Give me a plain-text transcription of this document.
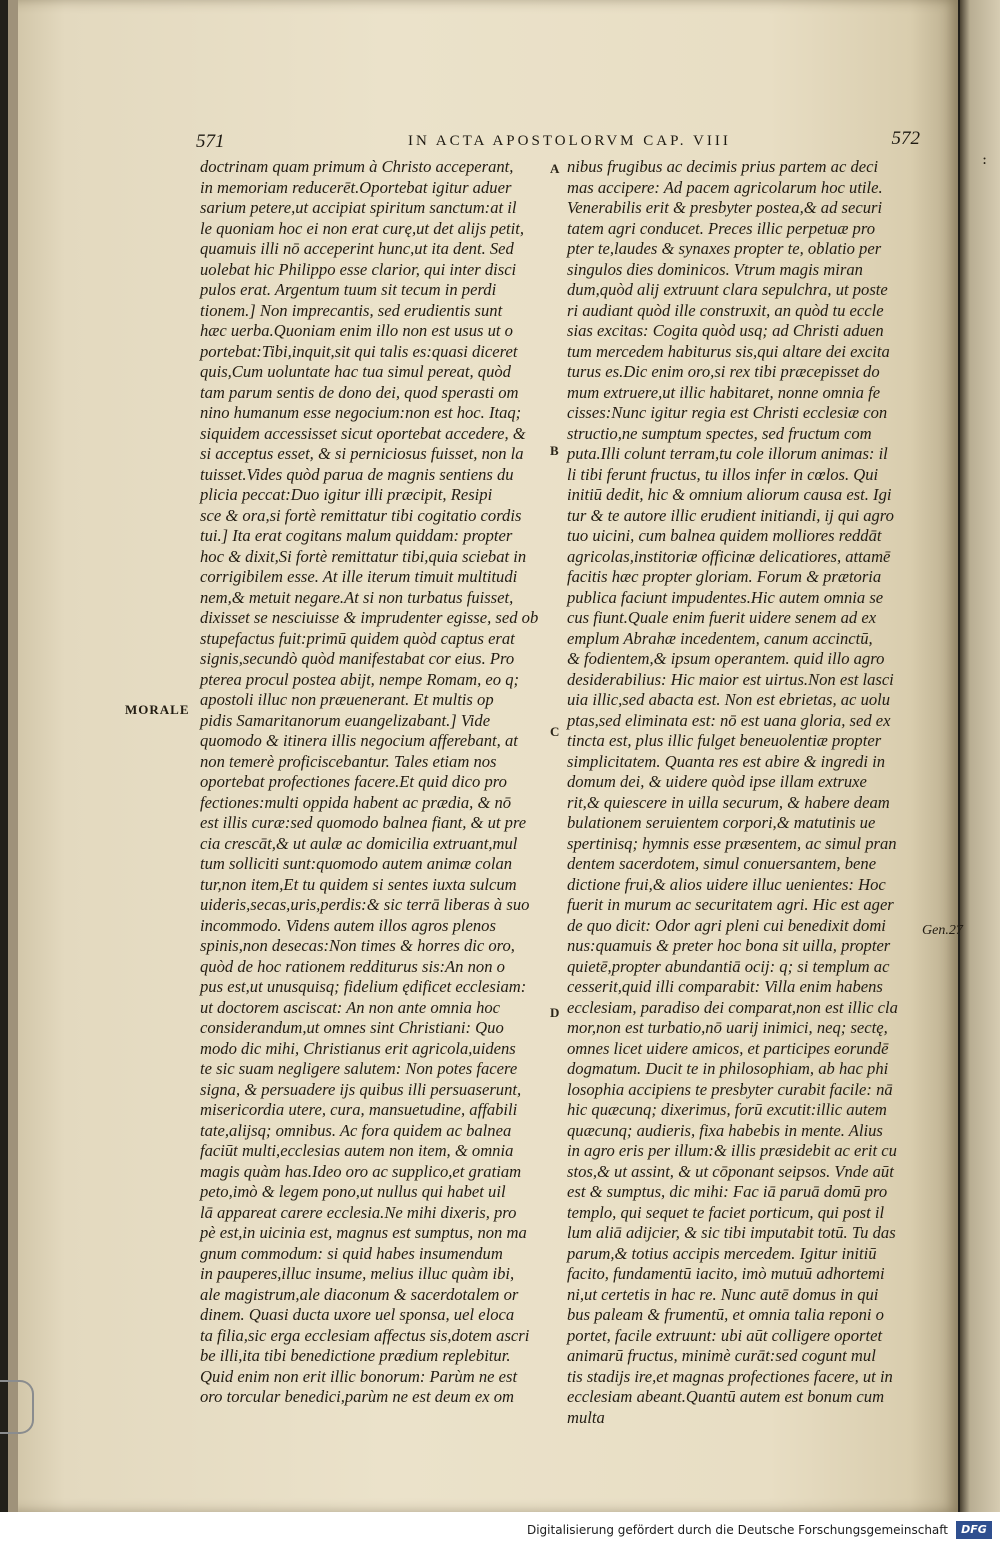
:
571	IN ACTA APOSTOLORVM CAP. VIII	572
doctrinam quam primum à Christo acceperant,
in memoriam reducerēt.Oportebat igitur aduer
sarium petere,ut accipiat spiritum sanctum:at il
le quoniam hoc ei non erat curę,ut det alijs petit,
quamuis illi nō acceperint hunc,ut ita dent. Sed
uolebat hic Philippo esse clarior, qui inter disci
pulos erat. Argentum tuum sit tecum in perdi
tionem.] Non imprecantis, sed erudientis sunt
hæc uerba.Quoniam enim illo non est usus ut o
portebat:Tibi,inquit,sit qui talis es:quasi diceret
quis,Cum uoluntate hac tua simul pereat, quòd
tam parum sentis de dono dei, quod sperasti om
nino humanum esse negocium:non est hoc. Itaq;
siquidem accessisset sicut oportebat accedere, &
si acceptus esset, & si perniciosus fuisset, non la
tuisset.Vides quòd parua de magnis sentiens du
plicia peccat:Duo igitur illi præcipit, Resipi
sce & ora,si fortè remittatur tibi cogitatio cordis
tui.] Ita erat cogitans malum quiddam: propter
hoc & dixit,Si fortè remittatur tibi,quia sciebat in
corrigibilem esse. At ille iterum timuit multitudi
nem,& metuit negare.At si non turbatus fuisset,
dixisset se nesciuisse & imprudenter egisse, sed ob
stupefactus fuit:primū quidem quòd captus erat
signis,secundò quòd manifestabat cor eius. Pro
pterea procul postea abijt, nempe Romam, eo q;
apostoli illuc non præuenerant. Et multis op
pidis Samaritanorum euangelizabant.] Vide
quomodo & itinera illis negocium afferebant, at
non temerè proficiscebantur. Tales etiam nos
oportebat profectiones facere.Et quid dico pro
fectiones:multi oppida habent ac prædia, & nō
est illis curæ:sed quomodo balnea fiant, & ut pre
cia crescāt,& ut aulæ ac domicilia extruant,mul
tum solliciti sunt:quomodo autem animæ colan
tur,non item,Et tu quidem si sentes iuxta sulcum
uideris,secas,uris,perdis:& sic terrā liberas à suo
incommodo. Videns autem illos agros plenos
spinis,non desecas:Non times & horres dic oro,
quòd de hoc rationem redditurus sis:An non o
pus est,ut unusquisq; fidelium ędificet ecclesiam:
ut doctorem asciscat: An non ante omnia hoc
considerandum,ut omnes sint Christiani: Quo
modo dic mihi, Christianus erit agricola,uidens
te sic suam negligere salutem: Non potes facere
signa, & persuadere ijs quibus illi persuaserunt,
misericordia utere, cura, mansuetudine, affabili
tate,alijsq; omnibus. Ac fora quidem ac balnea
faciūt multi,ecclesias autem non item, & omnia
magis quàm has.Ideo oro ac supplico,et gratiam
peto,imò & legem pono,ut nullus qui habet uil
lā appareat carere ecclesia.Ne mihi dixeris, pro
pè est,in uicinia est, magnus est sumptus, non ma
gnum commodum: si quid habes insumendum
in pauperes,illuc insume, melius illuc quàm ibi,
ale magistrum,ale diaconum & sacerdotalem or
dinem. Quasi ducta uxore uel sponsa, uel eloca
ta filia,sic erga ecclesiam affectus sis,dotem ascri
be illi,ita tibi benedictione prædium replebitur.
Quid enim non erit illic bonorum: Parùm ne est
oro torcular benedici,parùm ne est deum ex om
nibus frugibus ac decimis prius partem ac deci
mas accipere: Ad pacem agricolarum hoc utile.
Venerabilis erit & presbyter postea,& ad securi
tatem agri conducet. Preces illic perpetuæ pro
pter te,laudes & synaxes propter te, oblatio per
singulos dies dominicos. Vtrum magis miran
dum,quòd alij extruunt clara sepulchra, ut poste
ri audiant quòd ille construxit, an quòd tu eccle
sias excitas: Cogita quòd usq; ad Christi aduen
tum mercedem habiturus sis,qui altare dei excita
turus es.Dic enim oro,si rex tibi præcepisset do
mum extruere,ut illic habitaret, nonne omnia fe
cisses:Nunc igitur regia est Christi ecclesiæ con
structio,ne sumptum spectes, sed fructum com
puta.Illi colunt terram,tu cole illorum animas: il
li tibi ferunt fructus, tu illos infer in cœlos. Qui
initiū dedit, hic & omnium aliorum causa est. Igi
tur & te autore illic erudient initiandi, ij qui agro
tuo uicini, cum balnea quidem molliores reddāt
agricolas,institoriæ officinæ delicatiores, attamē
facitis hæc propter gloriam. Forum & prætoria
publica faciunt impudentes.Hic autem omnia se
cus fiunt.Quale enim fuerit uidere senem ad ex
emplum Abrahæ incedentem, canum accinctū,
& fodientem,& ipsum operantem. quid illo agro
desiderabilius: Hic maior est uirtus.Non est lasci
uia illic,sed abacta est. Non est ebrietas, ac uolu
ptas,sed eliminata est: nō est uana gloria, sed ex
tincta est, plus illic fulget beneuolentiæ propter
simplicitatem. Quanta res est abire & ingredi in
domum dei, & uidere quòd ipse illam extruxe
rit,& quiescere in uilla securum, & habere deam
bulationem seruientem corpori,& matutinis ue
spertinisq; hymnis esse præsentem, ac simul pran
dentem sacerdotem, simul conuersantem, bene
dictione frui,& alios uidere illuc uenientes: Hoc
fuerit in murum ac securitatem agri. Hic est ager
de quo dicit: Odor agri pleni cui benedixit domi
nus:quamuis & preter hoc bona sit uilla, propter
quietē,propter abundantiā ocij: q; si templum ac
cesserit,quid illi comparabit: Villa enim habens
ecclesiam, paradiso dei comparat,non est illic cla
mor,non est turbatio,nō uarij inimici, neq; sectę,
omnes licet uidere amicos, et participes eorundē
dogmatum. Ducit te in philosophiam, ab hac phi
losophia accipiens te presbyter curabit facile: nā
hic quæcunq; dixerimus, forū excutit:illic autem
quæcunq; audieris, fixa habebis in mente. Alius
in agro eris per illum:& illis præsidebit ac erit cu
stos,& ut assint, & ut cōponant seipsos. Vnde aūt
est & sumptus, dic mihi: Fac iā paruā domū pro
templo, qui sequet te faciet porticum, qui post il
lum aliā adijcier, & sic tibi imputabit totū. Tu das
parum,& totius accipis mercedem. Igitur initiū
facito, fundamentū iacito, imò mutuū adhortemi
ni,ut certetis in hac re. Nunc autē domus in qui
bus paleam & frumentū, et omnia talia reponi o
portet, facile extruunt: ubi aūt colligere oportet
animarū fructus, minimè curāt:sed cogunt mul
tis stadijs ire,et magnas profectiones facere, ut in
ecclesiam abeant.Quantū autem est bonum cum
multa
A
B
C
D
MORALE
Gen.27
Digitalisierung gefördert durch die Deutsche Forschungsgemeinschaft	DFG
